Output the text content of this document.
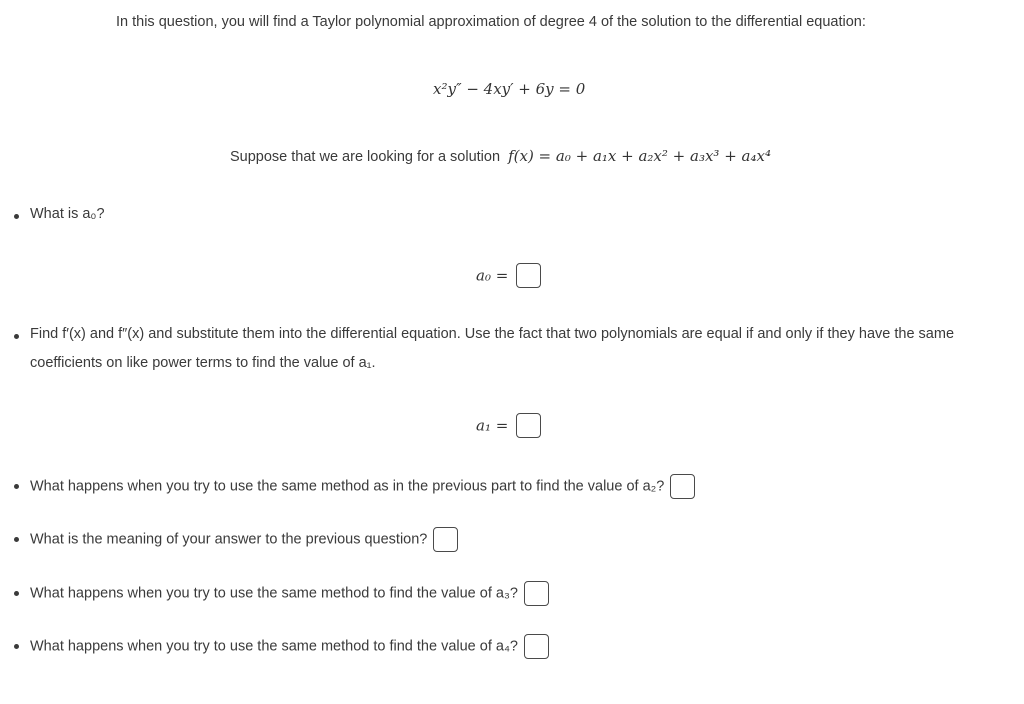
In this question, you will find a Taylor polynomial approximation of degree 4 of the solution to the differential equation:
x²y″ − 4xy′ + 6y = 0
Suppose that we are looking for a solution f(x) = a₀ + a₁x + a₂x² + a₃x³ + a₄x⁴
What is a₀?
a₀ =
Find f′(x) and f″(x) and substitute them into the differential equation. Use the fact that two polynomials are equal if and only if they have the same
coefficients on like power terms to find the value of a₁.
a₁ =
What happens when you try to use the same method as in the previous part to find the value of a₂?
What is the meaning of your answer to the previous question?
What happens when you try to use the same method to find the value of a₃?
What happens when you try to use the same method to find the value of a₄?
